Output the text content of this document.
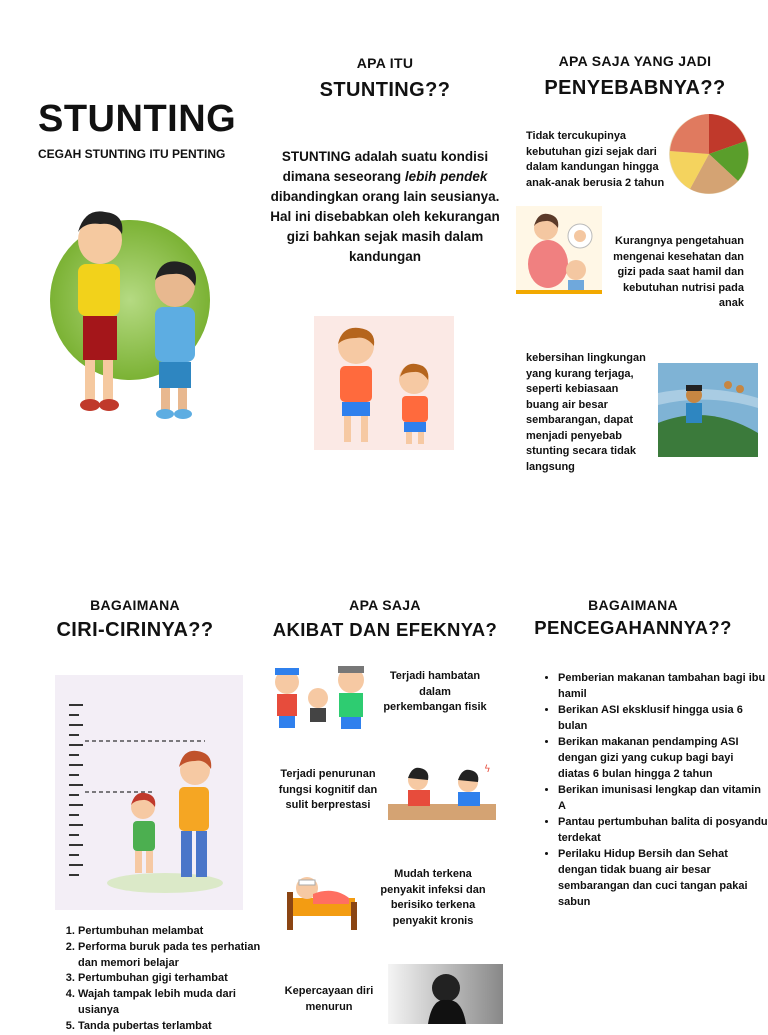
STUNTING
CEGAH STUNTING ITU PENTING
APA ITU
STUNTING??
STUNTING adalah suatu kondisi dimana seseorang lebih pendek dibandingkan orang lain seusianya. Hal ini disebabkan oleh kekurangan gizi bahkan sejak masih dalam kandungan
APA SAJA YANG JADI
PENYEBABNYA??
Tidak tercukupinya kebutuhan gizi sejak dari dalam kandungan hingga anak-anak berusia 2 tahun
Kurangnya pengetahuan mengenai kesehatan dan gizi pada saat hamil dan kebutuhan nutrisi pada anak
kebersihan lingkungan yang kurang terjaga, seperti kebiasaan buang air besar sembarangan, dapat menjadi penyebab stunting secara tidak langsung
BAGAIMANA
CIRI-CIRINYA??
1. Pertumbuhan melambat
2. Performa buruk pada tes perhatian dan memori belajar
3. Pertumbuhan gigi terhambat
4. Wajah tampak lebih muda dari usianya
5. Tanda pubertas terlambat
APA SAJA
AKIBAT DAN EFEKNYA?
Terjadi hambatan dalam perkembangan fisik
Terjadi penurunan fungsi kognitif dan sulit berprestasi
ϟ
Mudah terkena penyakit infeksi dan berisiko terkena penyakit kronis
Kepercayaan diri menurun
BAGAIMANA
PENCEGAHANNYA??
• Pemberian makanan tambahan bagi ibu hamil
• Berikan ASI eksklusif hingga usia 6 bulan
• Berikan makanan pendamping ASI dengan gizi yang cukup bagi bayi diatas 6 bulan hingga 2 tahun
• Berikan imunisasi lengkap dan vitamin A
• Pantau pertumbuhan balita di posyandu terdekat
• Perilaku Hidup Bersih dan Sehat dengan tidak buang air besar sembarangan dan cuci tangan pakai sabun
